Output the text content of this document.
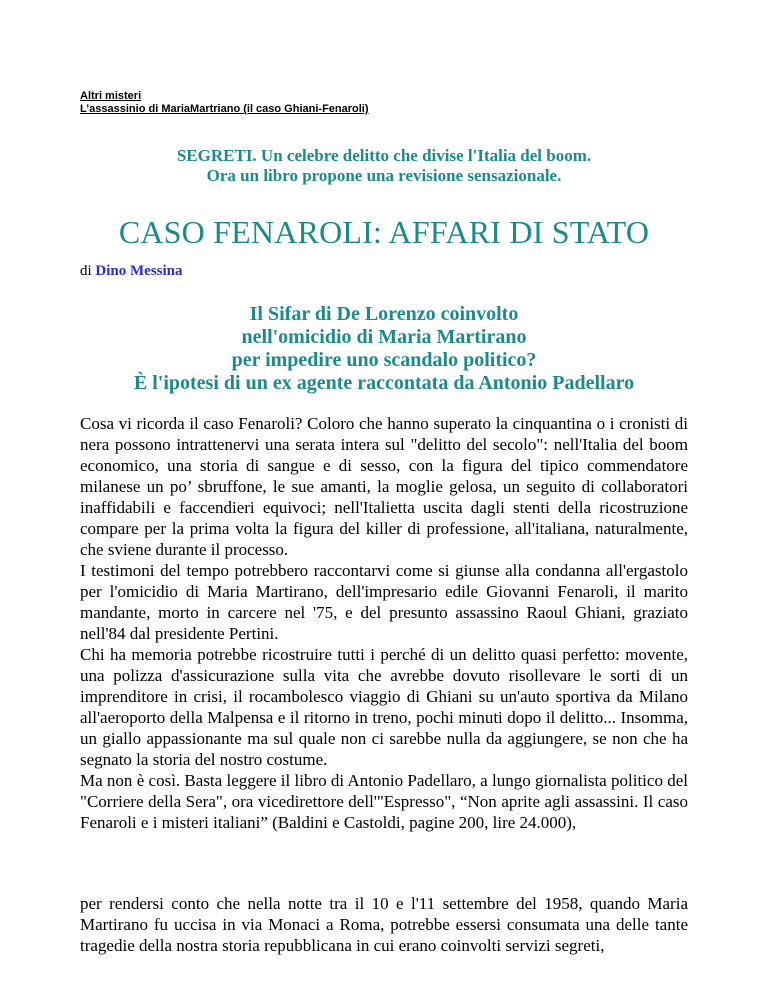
Altri misteri
L’assassinio di MariaMartriano (il caso Ghiani-Fenaroli)
SEGRETI. Un celebre delitto che divise l'Italia del boom.
Ora un libro propone una revisione sensazionale.
CASO FENAROLI: AFFARI DI STATO
di Dino Messina
Il Sifar di De Lorenzo coinvolto
nell'omicidio di Maria Martirano
per impedire uno scandalo politico?
È l'ipotesi di un ex agente raccontata da Antonio Padellaro

Cosa vi ricorda il caso Fenaroli? Coloro che hanno superato la cinquantina o i cronisti di nera possono intrattenervi una serata intera sul "delitto del secolo": nell'Italia del boom economico, una storia di sangue e di sesso, con la figura del tipico commendatore milanese un po’ sbruffone, le sue amanti, la moglie gelosa, un seguito di collaboratori inaffidabili e faccendieri equivoci; nell'Italietta uscita dagli stenti della ricostruzione compare per la prima volta la figura del killer di professione, all'italiana, naturalmente, che sviene durante il processo.

I testimoni del tempo potrebbero raccontarvi come si giunse alla condanna all'ergastolo per l'omicidio di Maria Martirano, dell'impresario edile Giovanni Fenaroli, il marito mandante, morto in carcere nel '75, e del presunto assassino Raoul Ghiani, graziato nell'84 dal presidente Pertini.

Chi ha memoria potrebbe ricostruire tutti i perché di un delitto quasi perfetto: movente, una polizza d'assicurazione sulla vita che avrebbe dovuto risollevare le sorti di un imprenditore in crisi, il rocambolesco viaggio di Ghiani su un'auto sportiva da Milano all'aeroporto della Malpensa e il ritorno in treno, pochi minuti dopo il delitto... Insomma, un giallo appassionante ma sul quale non ci sarebbe nulla da aggiungere, se non che ha segnato la storia del nostro costume.

Ma non è così. Basta leggere il libro di Antonio Padellaro, a lungo giornalista politico del "Corriere della Sera", ora vicedirettore dell'"Espresso", “Non aprite agli assassini. Il caso Fenaroli e i misteri italiani” (Baldini e Castoldi, pagine 200, lire 24.000),

per rendersi conto che nella notte tra il 10 e l'11 settembre del 1958, quando Maria Martirano fu uccisa in via Monaci a Roma, potrebbe essersi consumata una delle tante tragedie della nostra storia repubblicana in cui erano coinvolti servizi segreti,
